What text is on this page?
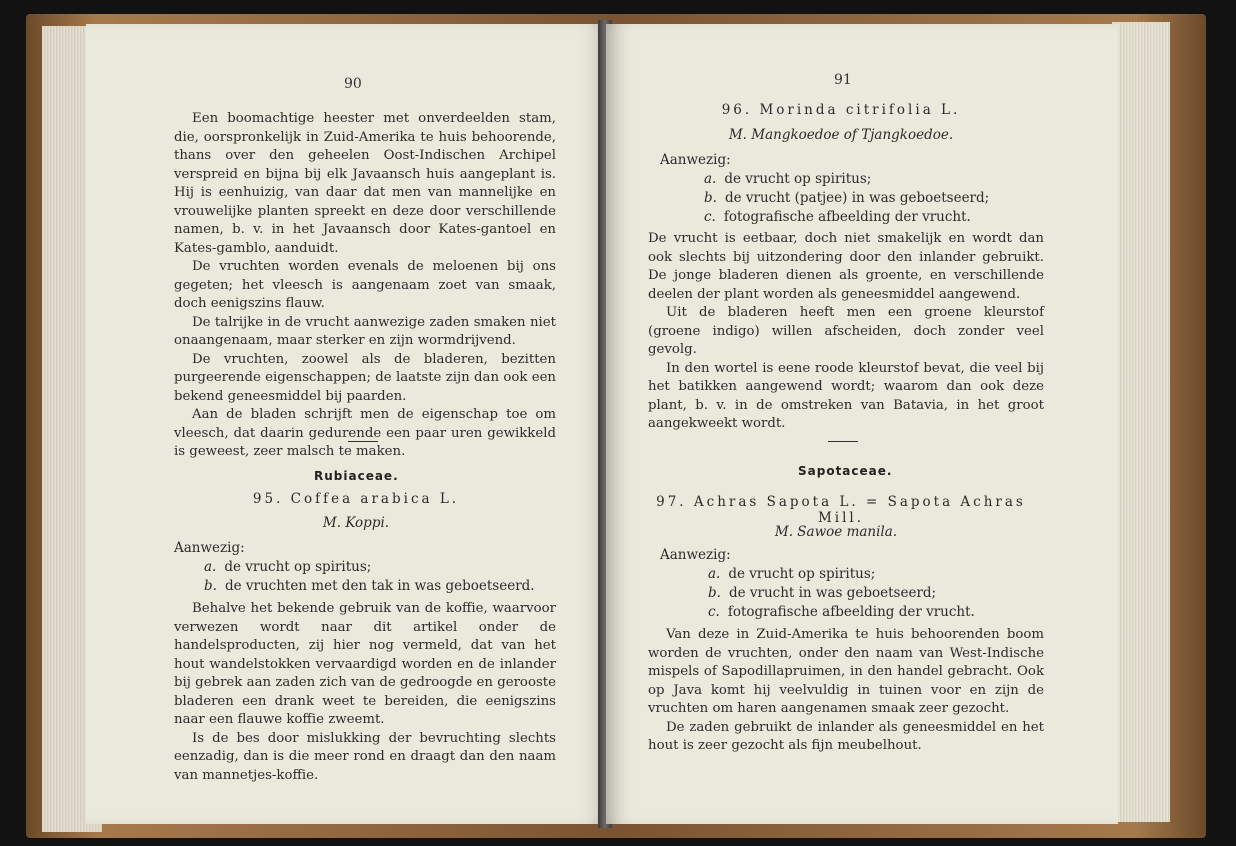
90

Een boomachtige heester met onverdeelden stam, die, oorspronkelijk in Zuid-Amerika te huis behoorende, thans over den geheelen Oost-Indischen Archipel verspreid en bijna bij elk Javaansch huis aangeplant is. Hij is eenhuizig, van daar dat men van mannelijke en vrouwelijke planten spreekt en deze door verschillende namen, b. v. in het Javaansch door Kates-gantoel en Kates-gamblo, aanduidt.

De vruchten worden evenals de meloenen bij ons gegeten; het vleesch is aangenaam zoet van smaak, doch eenigszins flauw.

De talrijke in de vrucht aanwezige zaden smaken niet onaangenaam, maar sterker en zijn wormdrijvend.

De vruchten, zoowel als de bladeren, bezitten purgeerende eigenschappen; de laatste zijn dan ook een bekend geneesmiddel bij paarden.

Aan de bladen schrijft men de eigenschap toe om vleesch, dat daarin gedurende een paar uren gewikkeld is geweest, zeer malsch te maken.

Rubiaceae.
95. Coffea arabica L.
M. Koppi.
Aanwezig:
a. de vrucht op spiritus;
b. de vruchten met den tak in was geboetseerd.

Behalve het bekende gebruik van de koffie, waarvoor verwezen wordt naar dit artikel onder de handelsproducten, zij hier nog vermeld, dat van het hout wandelstokken vervaardigd worden en de inlander bij gebrek aan zaden zich van de gedroogde en gerooste bladeren een drank weet te bereiden, die eenigszins naar een flauwe koffie zweemt.

Is de bes door mislukking der bevruchting slechts eenzadig, dan is die meer rond en draagt dan den naam van mannetjes-koffie.

91
96. Morinda citrifolia L.
M. Mangkoedoe of Tjangkoedoe.
Aanwezig:
a. de vrucht op spiritus;
b. de vrucht (patjee) in was geboetseerd;
c. fotografische afbeelding der vrucht.

De vrucht is eetbaar, doch niet smakelijk en wordt dan ook slechts bij uitzondering door den inlander gebruikt. De jonge bladeren dienen als groente, en verschillende deelen der plant worden als geneesmiddel aangewend.

Uit de bladeren heeft men een groene kleurstof (groene indigo) willen afscheiden, doch zonder veel gevolg.

In den wortel is eene roode kleurstof bevat, die veel bij het batikken aangewend wordt; waarom dan ook deze plant, b. v. in de omstreken van Batavia, in het groot aangekweekt wordt.

Sapotaceae.
97. Achras Sapota L. = Sapota Achras Mill.
M. Sawoe manila.
Aanwezig:
a. de vrucht op spiritus;
b. de vrucht in was geboetseerd;
c. fotografische afbeelding der vrucht.

Van deze in Zuid-Amerika te huis behoorenden boom worden de vruchten, onder den naam van West-Indische mispels of Sapodillapruimen, in den handel gebracht. Ook op Java komt hij veelvuldig in tuinen voor en zijn de vruchten om haren aangenamen smaak zeer gezocht.

De zaden gebruikt de inlander als geneesmiddel en het hout is zeer gezocht als fijn meubelhout.
